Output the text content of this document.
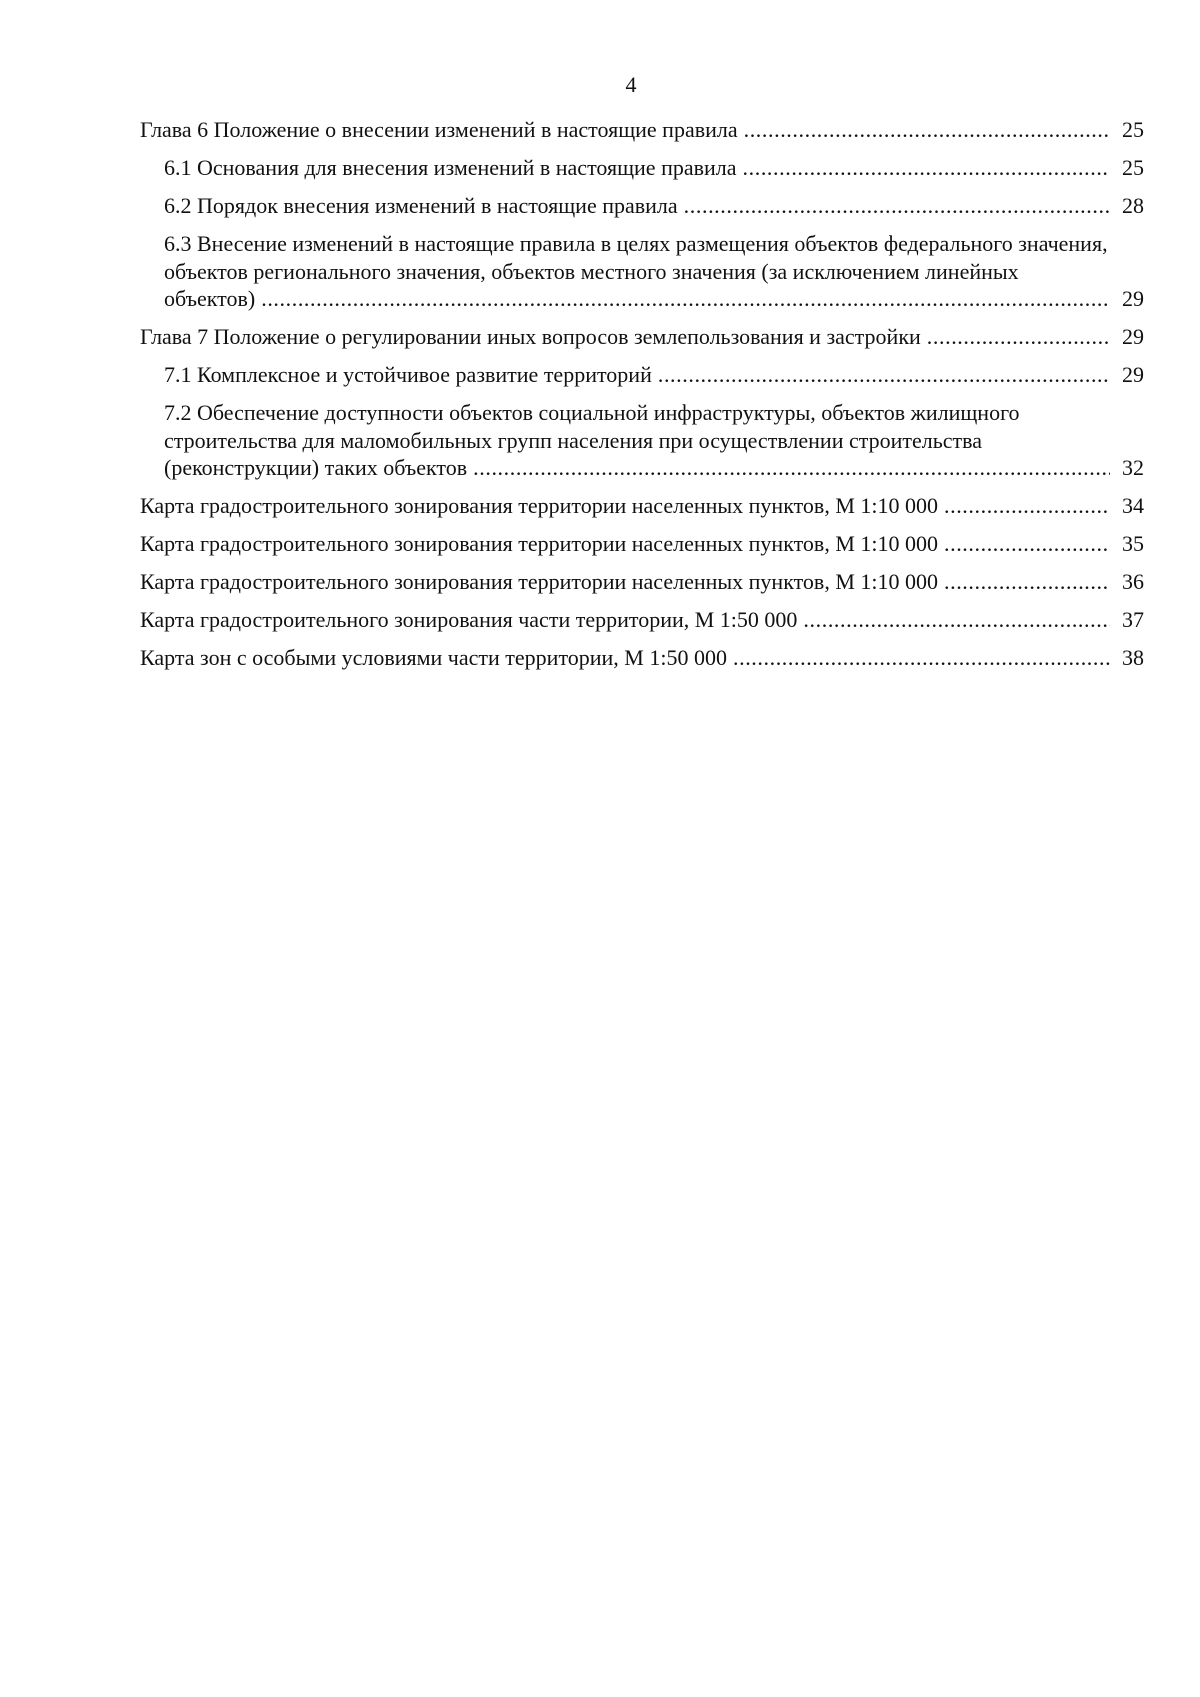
4
Глава 6 Положение о внесении изменений в настоящие правила .....	25
6.1 Основания для внесения изменений в настоящие правила .....	25
6.2 Порядок внесения изменений в настоящие правила .....	28
6.3 Внесение изменений в настоящие правила в целях размещения объектов федерального значения, объектов регионального значения, объектов местного значения (за исключением линейных объектов) .....	29
Глава 7 Положение о регулировании иных вопросов землепользования и застройки .....	29
7.1 Комплексное и устойчивое развитие территорий .....	29
7.2 Обеспечение доступности объектов социальной инфраструктуры, объектов жилищного строительства для маломобильных групп населения при осуществлении строительства (реконструкции) таких объектов .....	32
Карта градостроительного зонирования территории населенных пунктов, М 1:10 000 .....	34
Карта градостроительного зонирования территории населенных пунктов, М 1:10 000 .....	35
Карта градостроительного зонирования территории населенных пунктов, М 1:10 000 .....	36
Карта градостроительного зонирования части территории, М 1:50 000 .....	37
Карта зон с особыми условиями части территории, М 1:50 000 .....	38
